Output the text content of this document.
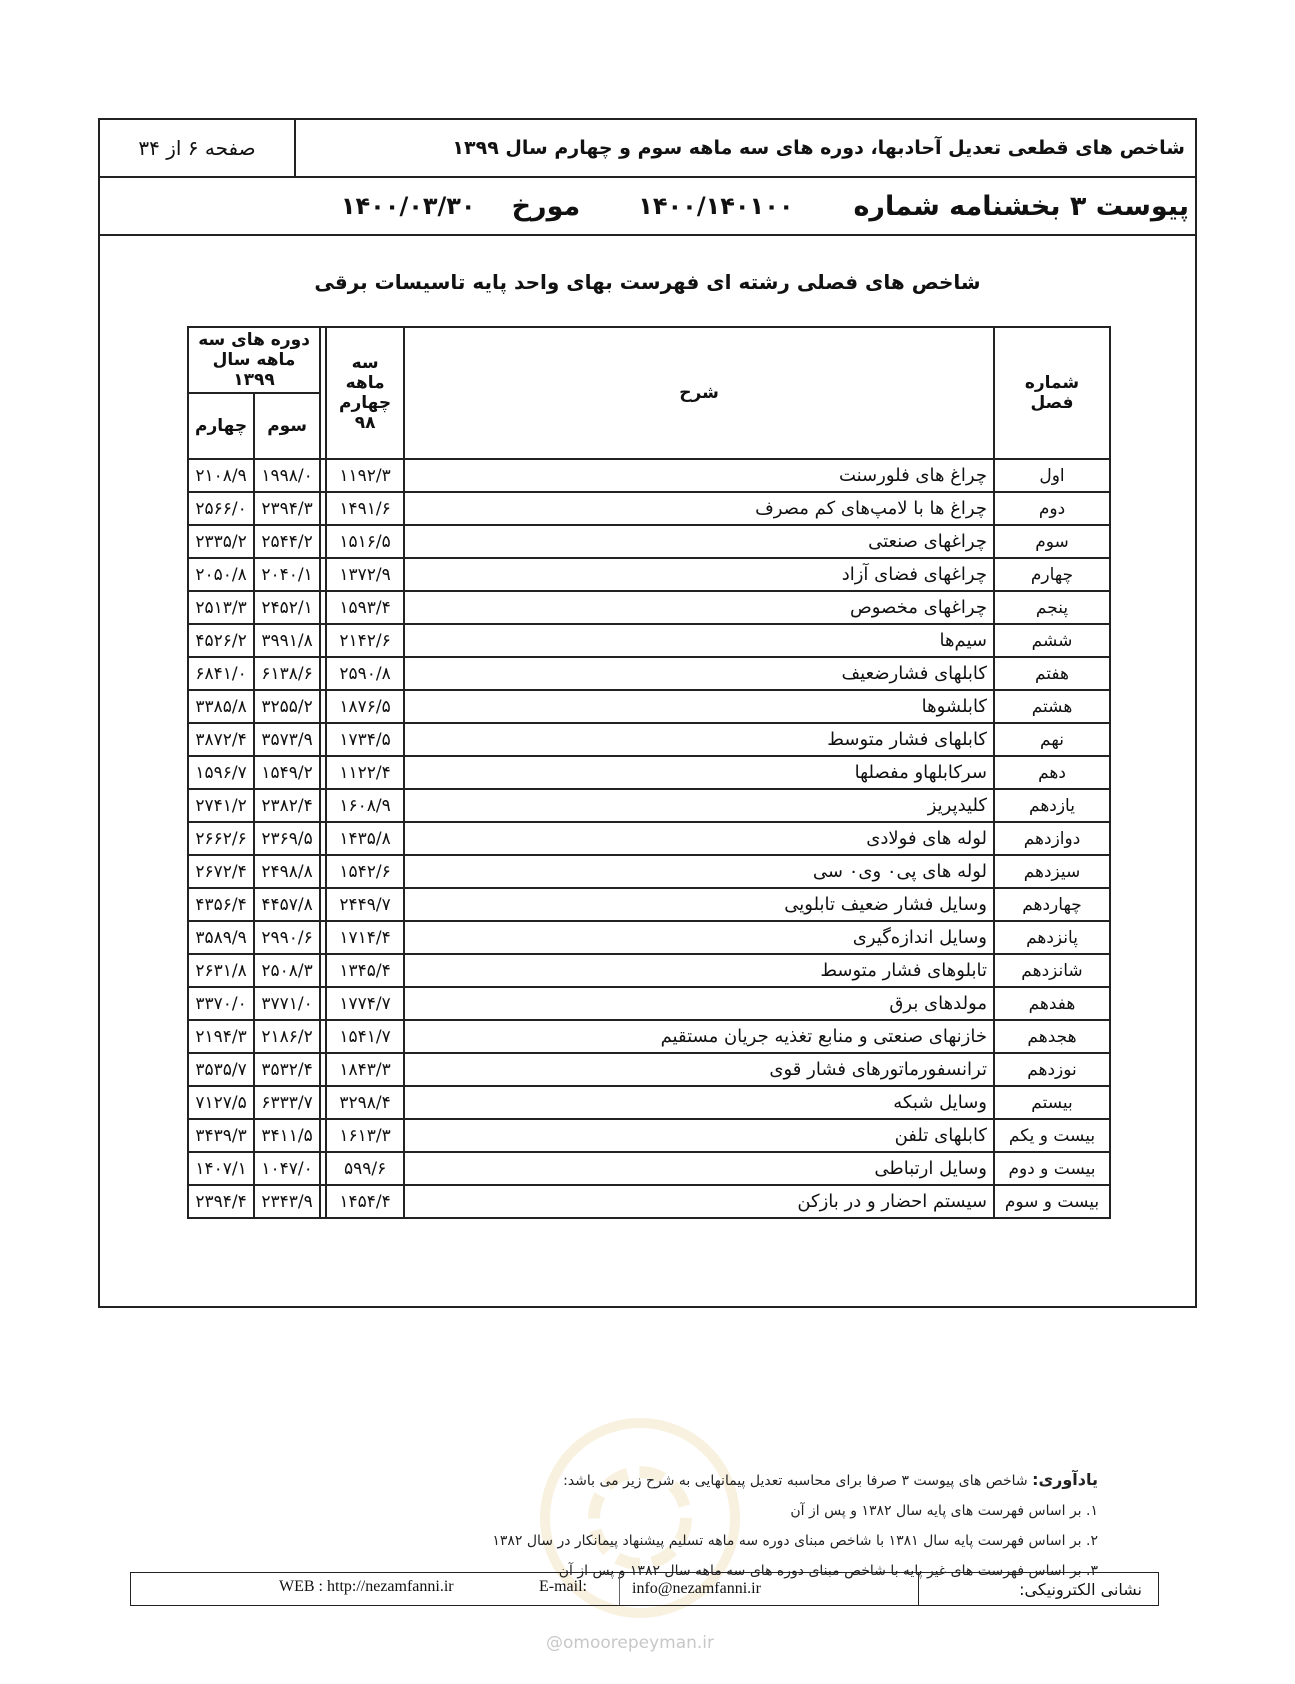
صفحه ۶ از ۳۴	شاخص های قطعی تعدیل آحادبها، دوره های سه ماهه سوم و چهارم سال ۱۳۹۹
پیوست ۳ بخشنامه شماره
۱۴۰۰/۱۴۰۱۰۰
مورخ
۱۴۰۰/۰۳/۳۰
شاخص های فصلی رشته ای فهرست بهای واحد پایه تاسیسات برقی
شماره فصل	شرح	سه ماهه چهارم ۹۸		دوره های سه ماهه سال ۱۳۹۹	
				سوم	چهارم
اول	چراغ های فلورسنت	۱۱۹۲/۳		۱۹۹۸/۰	۲۱۰۸/۹
دوم	چراغ ها با لامپ‌های کم مصرف	۱۴۹۱/۶		۲۳۹۴/۳	۲۵۶۶/۰
سوم	چراغهای صنعتی	۱۵۱۶/۵		۲۵۴۴/۲	۲۳۳۵/۲
چهارم	چراغهای فضای آزاد	۱۳۷۲/۹		۲۰۴۰/۱	۲۰۵۰/۸
پنجم	چراغهای مخصوص	۱۵۹۳/۴		۲۴۵۲/۱	۲۵۱۳/۳
ششم	سیم‌ها	۲۱۴۲/۶		۳۹۹۱/۸	۴۵۲۶/۲
هفتم	کابلهای فشارضعیف	۲۵۹۰/۸		۶۱۳۸/۶	۶۸۴۱/۰
هشتم	کابلشوها	۱۸۷۶/۵		۳۲۵۵/۲	۳۳۸۵/۸
نهم	کابلهای فشار متوسط	۱۷۳۴/۵		۳۵۷۳/۹	۳۸۷۲/۴
دهم	سرکابلهاو مفصلها	۱۱۲۲/۴		۱۵۴۹/۲	۱۵۹۶/۷
یازدهم	کلیدپریز	۱۶۰۸/۹		۲۳۸۲/۴	۲۷۴۱/۲
دوازدهم	لوله های فولادی	۱۴۳۵/۸		۲۳۶۹/۵	۲۶۶۲/۶
سیزدهم	لوله های پی٠ وی٠ سی	۱۵۴۲/۶		۲۴۹۸/۸	۲۶۷۲/۴
چهاردهم	وسایل فشار ضعیف تابلویی	۲۴۴۹/۷		۴۴۵۷/۸	۴۳۵۶/۴
پانزدهم	وسایل اندازه‌گیری	۱۷۱۴/۴		۲۹۹۰/۶	۳۵۸۹/۹
شانزدهم	تابلوهای فشار متوسط	۱۳۴۵/۴		۲۵۰۸/۳	۲۶۳۱/۸
هفدهم	مولدهای برق	۱۷۷۴/۷		۳۷۷۱/۰	۳۳۷۰/۰
هجدهم	خازنهای صنعتی و منابع تغذیه جریان مستقیم	۱۵۴۱/۷		۲۱۸۶/۲	۲۱۹۴/۳
نوزدهم	ترانسفورماتورهای فشار قوی	۱۸۴۳/۳		۳۵۳۲/۴	۳۵۳۵/۷
بیستم	وسایل شبکه	۳۲۹۸/۴		۶۳۳۳/۷	۷۱۲۷/۵
بیست و یکم	کابلهای تلفن	۱۶۱۳/۳		۳۴۱۱/۵	۳۴۳۹/۳
بیست و دوم	وسایل ارتباطی	۵۹۹/۶		۱۰۴۷/۰	۱۴۰۷/۱
بیست و سوم	سیستم احضار و در بازکن	۱۴۵۴/۴		۲۳۴۳/۹	۲۳۹۴/۴
یادآوری: شاخص های پیوست ۳ صرفا برای محاسبه تعدیل پیمانهایی به شرح زیر می باشد:
۱. بر اساس فهرست های پایه سال ۱۳۸۲ و پس از آن
۲. بر اساس فهرست پایه سال ۱۳۸۱ با شاخص مبنای دوره سه ماهه تسلیم پیشنهاد پیمانکار در سال ۱۳۸۲
۳. بر اساس فهرست های غیر پایه با شاخص مبنای دوره های سه ماهه سال ۱۳۸۲ و پس از آن
نشانی الکترونیکی:
WEB : http://nezamfanni.ir	E-mail:	info@nezamfanni.ir
@omoorepeyman.ir
